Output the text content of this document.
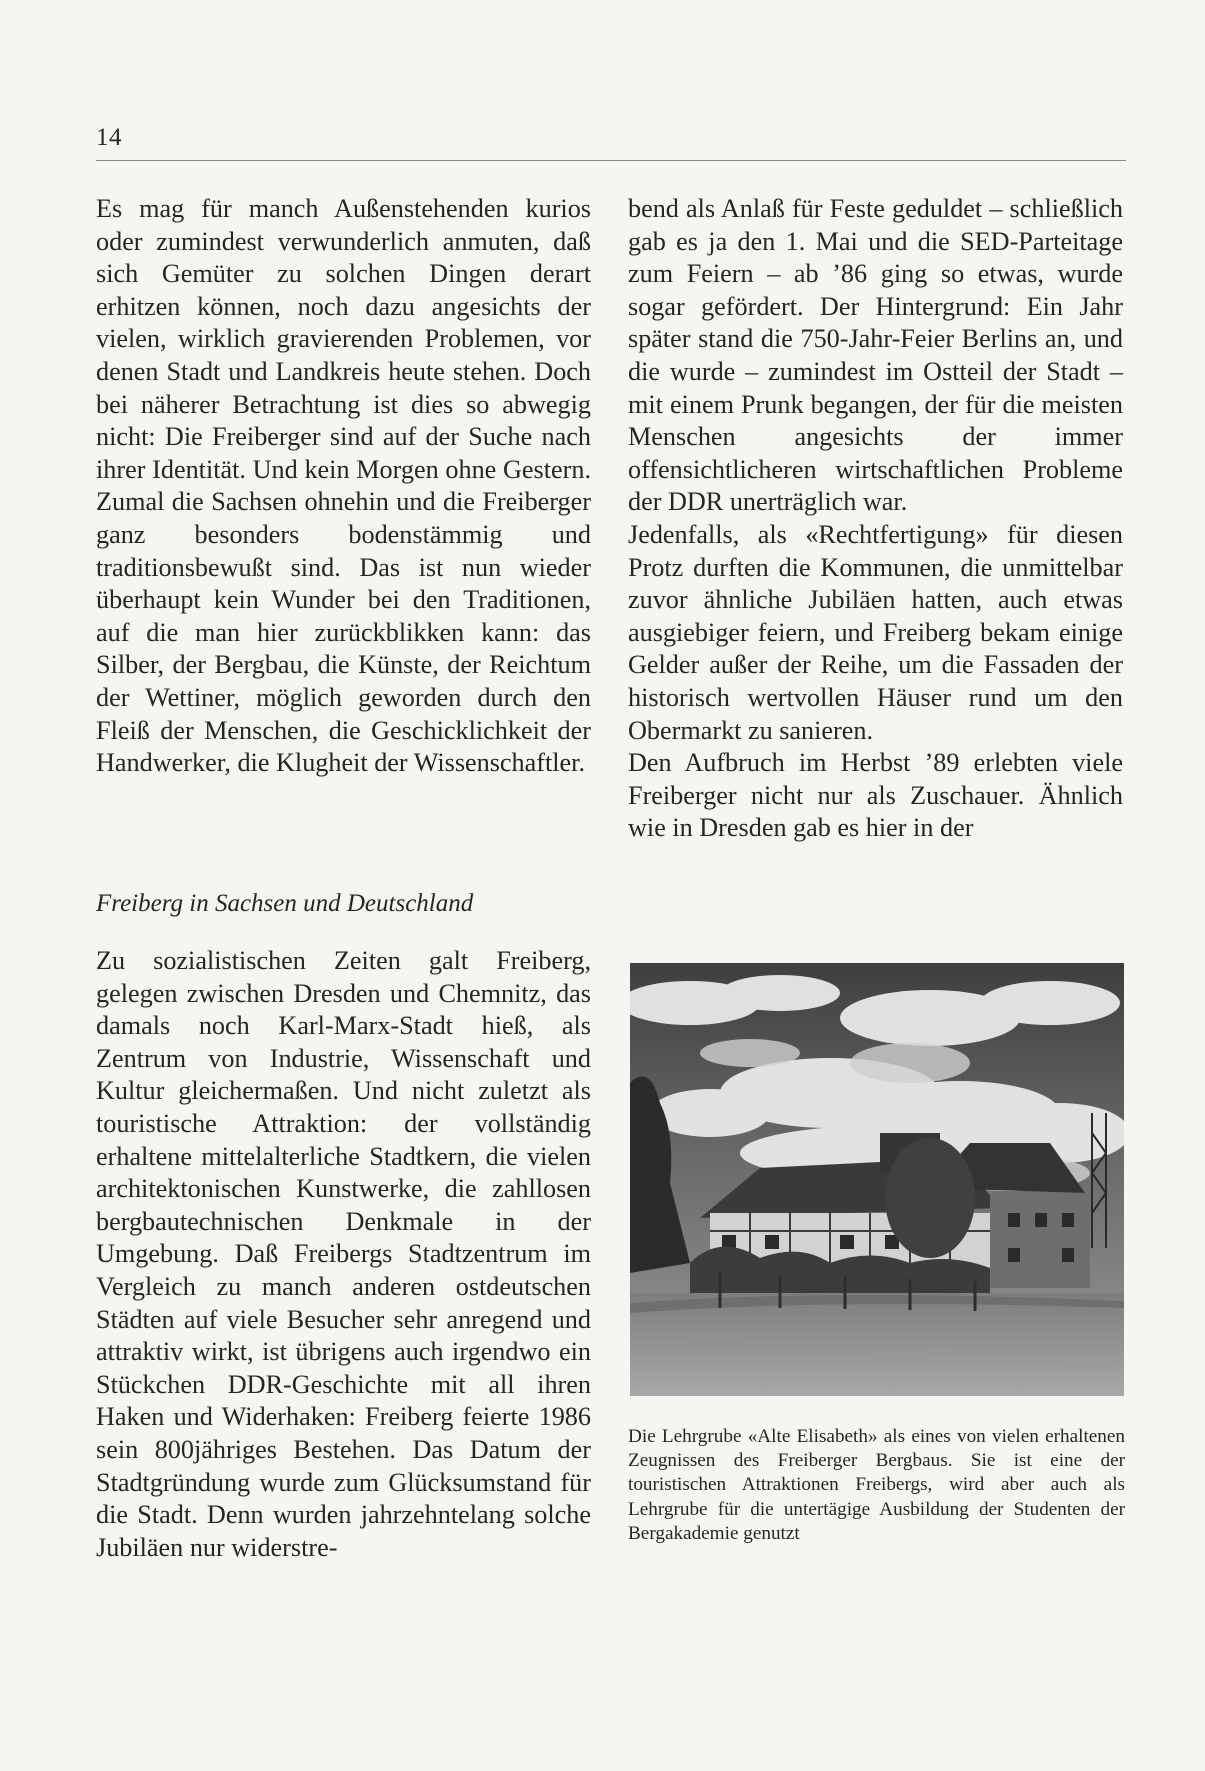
14

Es mag für manch Außenstehenden kurios oder zumindest verwunderlich anmuten, daß sich Gemüter zu solchen Dingen derart erhitzen können, noch dazu angesichts der vielen, wirklich gravierenden Problemen, vor denen Stadt und Landkreis heute stehen. Doch bei näherer Betrachtung ist dies so abwegig nicht: Die Freiberger sind auf der Suche nach ihrer Identität. Und kein Morgen ohne Gestern. Zumal die Sachsen ohnehin und die Freiberger ganz besonders bodenstämmig und traditionsbewußt sind. Das ist nun wieder überhaupt kein Wunder bei den Traditionen, auf die man hier zurückblikken kann: das Silber, der Bergbau, die Künste, der Reichtum der Wettiner, möglich geworden durch den Fleiß der Menschen, die Geschicklichkeit der Handwerker, die Klugheit der Wissenschaftler.

Freiberg in Sachsen und Deutschland

Zu sozialistischen Zeiten galt Freiberg, gelegen zwischen Dresden und Chemnitz, das damals noch Karl-Marx-Stadt hieß, als Zentrum von Industrie, Wissenschaft und Kultur gleichermaßen. Und nicht zuletzt als touristische Attraktion: der vollständig erhaltene mittelalterliche Stadtkern, die vielen architektonischen Kunstwerke, die zahllosen bergbautechnischen Denkmale in der Umgebung. Daß Freibergs Stadtzentrum im Vergleich zu manch anderen ostdeutschen Städten auf viele Besucher sehr anregend und attraktiv wirkt, ist übrigens auch irgendwo ein Stückchen DDR-Geschichte mit all ihren Haken und Widerhaken: Freiberg feierte 1986 sein 800jähriges Bestehen. Das Datum der Stadtgründung wurde zum Glücksumstand für die Stadt. Denn wurden jahrzehntelang solche Jubiläen nur widerstre-

bend als Anlaß für Feste geduldet – schließlich gab es ja den 1. Mai und die SED-Parteitage zum Feiern – ab ’86 ging so etwas, wurde sogar gefördert. Der Hintergrund: Ein Jahr später stand die 750-Jahr-Feier Berlins an, und die wurde – zumindest im Ostteil der Stadt – mit einem Prunk begangen, der für die meisten Menschen angesichts der immer offensichtlicheren wirtschaftlichen Probleme der DDR unerträglich war.

Jedenfalls, als «Rechtfertigung» für diesen Protz durften die Kommunen, die unmittelbar zuvor ähnliche Jubiläen hatten, auch etwas ausgiebiger feiern, und Freiberg bekam einige Gelder außer der Reihe, um die Fassaden der historisch wertvollen Häuser rund um den Obermarkt zu sanieren.

Den Aufbruch im Herbst ’89 erlebten viele Freiberger nicht nur als Zuschauer. Ähnlich wie in Dresden gab es hier in der

Die Lehrgrube «Alte Elisabeth» als eines von vielen erhaltenen Zeugnissen des Freiberger Bergbaus. Sie ist eine der touristischen Attraktionen Freibergs, wird aber auch als Lehrgrube für die untertägige Ausbildung der Studenten der Bergakademie genutzt
